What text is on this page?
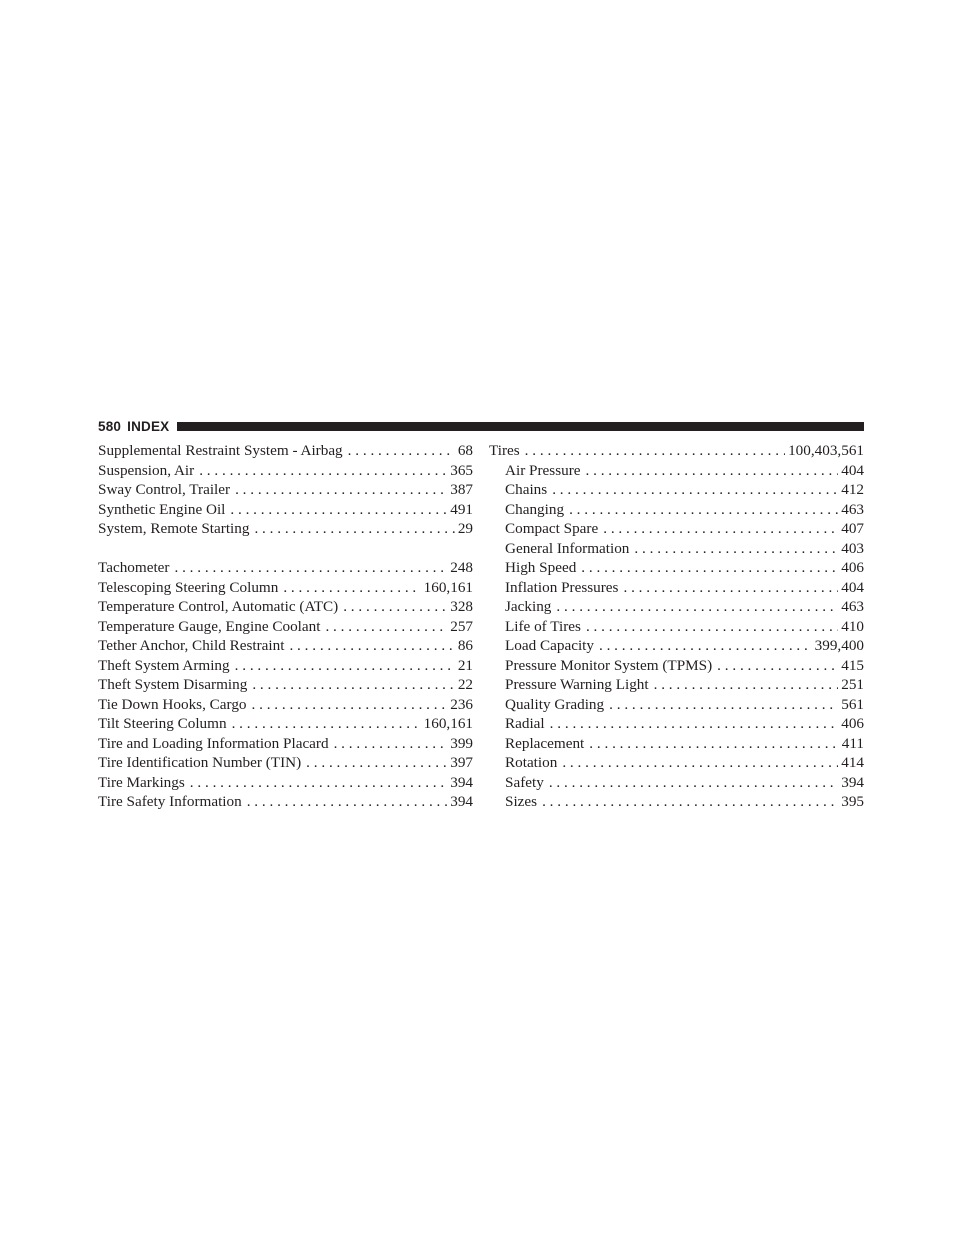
580 INDEX
Supplemental Restraint System - Airbag . . .	68
Suspension, Air . . .	365
Sway Control, Trailer . . .	387
Synthetic Engine Oil . . .	491
System, Remote Starting . . .	29
Tachometer . . .	248
Telescoping Steering Column . . .	160,161
Temperature Control, Automatic (ATC) . . .	328
Temperature Gauge, Engine Coolant . . .	257
Tether Anchor, Child Restraint . . .	86
Theft System Arming . . .	21
Theft System Disarming . . .	22
Tie Down Hooks, Cargo . . .	236
Tilt Steering Column . . .	160,161
Tire and Loading Information Placard . . .	399
Tire Identification Number (TIN) . . .	397
Tire Markings . . .	394
Tire Safety Information . . .	394
Tires . . .	100,403,561
Air Pressure . . .	404
Chains . . .	412
Changing . . .	463
Compact Spare . . .	407
General Information . . .	403
High Speed . . .	406
Inflation Pressures . . .	404
Jacking . . .	463
Life of Tires . . .	410
Load Capacity . . .	399,400
Pressure Monitor System (TPMS) . . .	415
Pressure Warning Light . . .	251
Quality Grading . . .	561
Radial . . .	406
Replacement . . .	411
Rotation . . .	414
Safety . . .	394
Sizes . . .	395
